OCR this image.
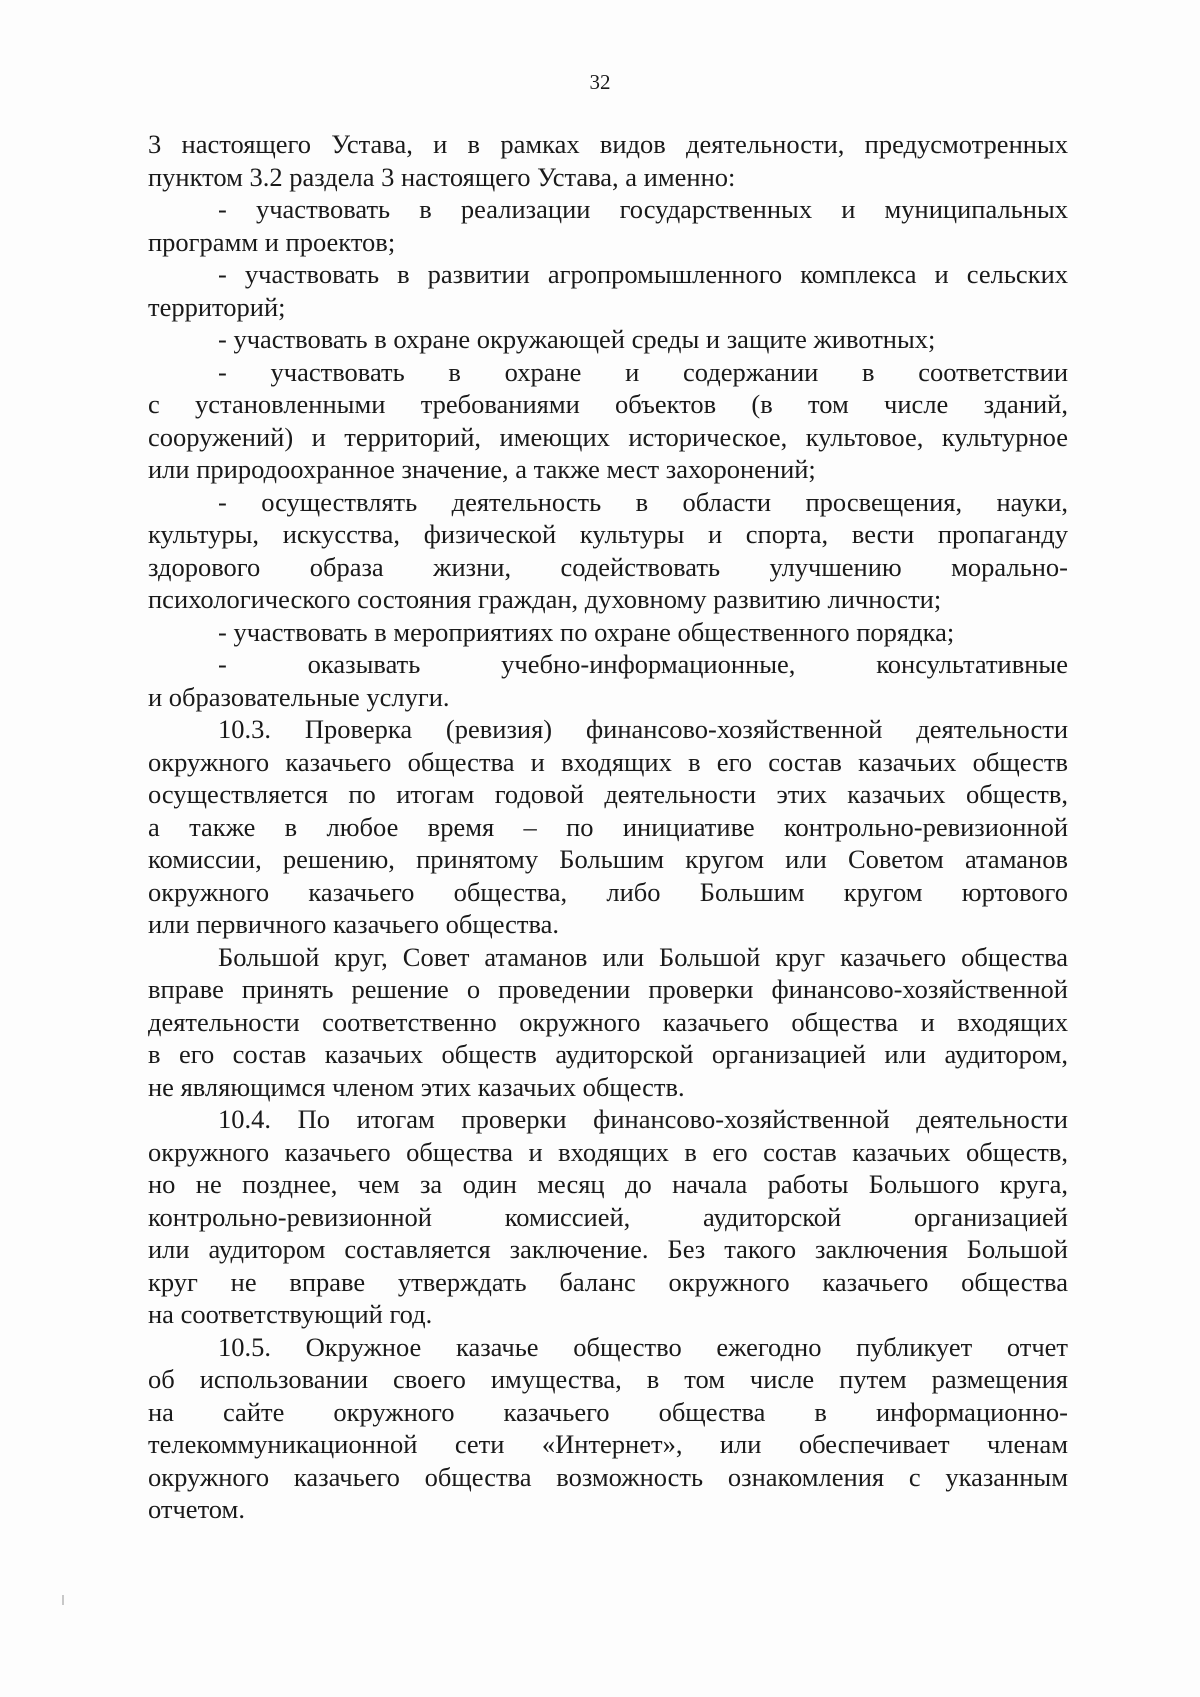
32
3 настоящего Устава, и в рамках видов деятельности, предусмотренных
пунктом 3.2 раздела 3 настоящего Устава, а именно:
- участвовать в реализации государственных и муниципальных
программ и проектов;
- участвовать в развитии агропромышленного комплекса и сельских
территорий;
- участвовать в охране окружающей среды и защите животных;
- участвовать в охране и содержании в соответствии
с установленными требованиями объектов (в том числе зданий,
сооружений) и территорий, имеющих историческое, культовое, культурное
или природоохранное значение, а также мест захоронений;
- осуществлять деятельность в области просвещения, науки,
культуры, искусства, физической культуры и спорта, вести пропаганду
здорового образа жизни, содействовать улучшению морально-
психологического состояния граждан, духовному развитию личности;
- участвовать в мероприятиях по охране общественного порядка;
- оказывать учебно-информационные, консультативные
и образовательные услуги.
10.3. Проверка (ревизия) финансово-хозяйственной деятельности
окружного казачьего общества и входящих в его состав казачьих обществ
осуществляется по итогам годовой деятельности этих казачьих обществ,
а также в любое время – по инициативе контрольно-ревизионной
комиссии, решению, принятому Большим кругом или Советом атаманов
окружного казачьего общества, либо Большим кругом юртового
или первичного казачьего общества.
Большой круг, Совет атаманов или Большой круг казачьего общества
вправе принять решение о проведении проверки финансово-хозяйственной
деятельности соответственно окружного казачьего общества и входящих
в его состав казачьих обществ аудиторской организацией или аудитором,
не являющимся членом этих казачьих обществ.
10.4. По итогам проверки финансово-хозяйственной деятельности
окружного казачьего общества и входящих в его состав казачьих обществ,
но не позднее, чем за один месяц до начала работы Большого круга,
контрольно-ревизионной комиссией, аудиторской организацией
или аудитором составляется заключение. Без такого заключения Большой
круг не вправе утверждать баланс окружного казачьего общества
на соответствующий год.
10.5. Окружное казачье общество ежегодно публикует отчет
об использовании своего имущества, в том числе путем размещения
на сайте окружного казачьего общества в информационно-
телекоммуникационной сети «Интернет», или обеспечивает членам
окружного казачьего общества возможность ознакомления с указанным
отчетом.
